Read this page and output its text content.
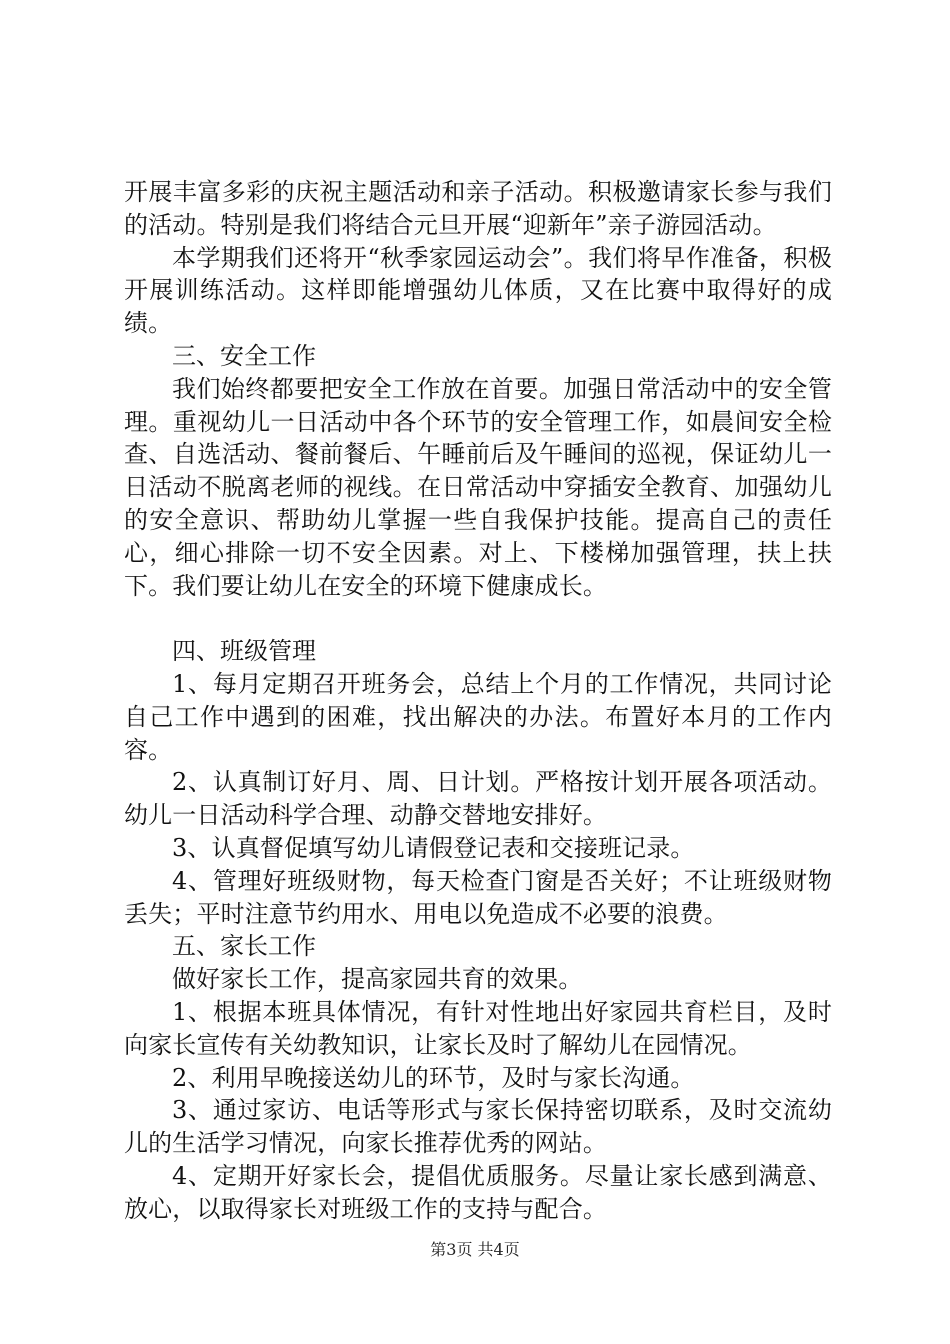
开展丰富多彩的庆祝主题活动和亲子活动。积极邀请家长参与我们的活动。特别是我们将结合元旦开展“迎新年”亲子游园活动。

本学期我们还将开“秋季家园运动会”。我们将早作准备，积极开展训练活动。这样即能增强幼儿体质，又在比赛中取得好的成绩。

三、安全工作

我们始终都要把安全工作放在首要。加强日常活动中的安全管理。重视幼儿一日活动中各个环节的安全管理工作，如晨间安全检查、自选活动、餐前餐后、午睡前后及午睡间的巡视，保证幼儿一日活动不脱离老师的视线。在日常活动中穿插安全教育、加强幼儿的安全意识、帮助幼儿掌握一些自我保护技能。提高自己的责任心，细心排除一切不安全因素。对上、下楼梯加强管理，扶上扶下。我们要让幼儿在安全的环境下健康成长。

四、班级管理

1、每月定期召开班务会，总结上个月的工作情况，共同讨论自己工作中遇到的困难，找出解决的办法。布置好本月的工作内容。

2、认真制订好月、周、日计划。严格按计划开展各项活动。幼儿一日活动科学合理、动静交替地安排好。

3、认真督促填写幼儿请假登记表和交接班记录。

4、管理好班级财物，每天检查门窗是否关好；不让班级财物丢失；平时注意节约用水、用电以免造成不必要的浪费。

五、家长工作

做好家长工作，提高家园共育的效果。

1、根据本班具体情况，有针对性地出好家园共育栏目，及时向家长宣传有关幼教知识，让家长及时了解幼儿在园情况。

2、利用早晚接送幼儿的环节，及时与家长沟通。

3、通过家访、电话等形式与家长保持密切联系，及时交流幼儿的生活学习情况，向家长推荐优秀的网站。

4、定期开好家长会，提倡优质服务。尽量让家长感到满意、放心，以取得家长对班级工作的支持与配合。

第3页 共4页
